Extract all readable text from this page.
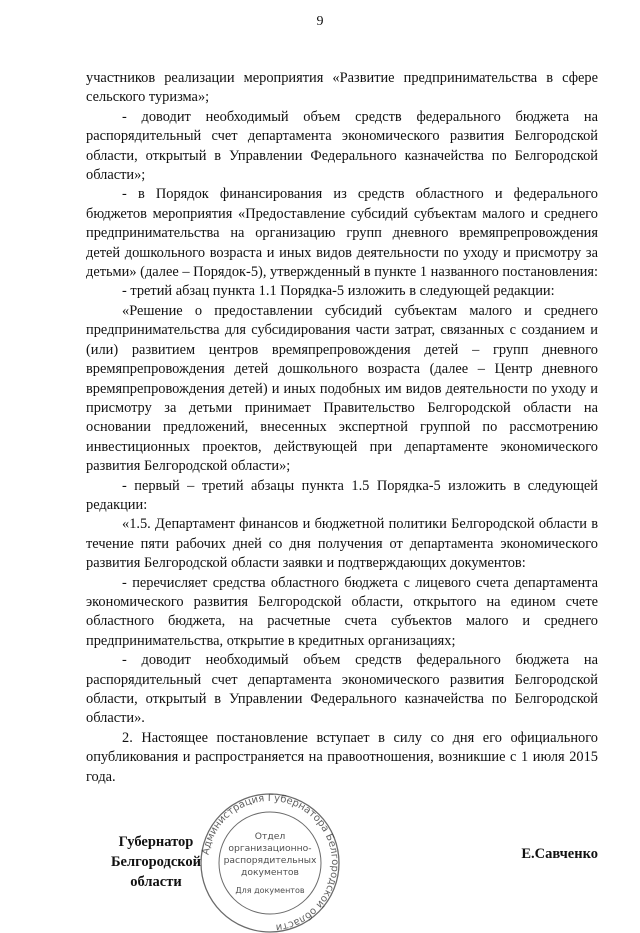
9

участников реализации мероприятия «Развитие предпринимательства в сфере сельского туризма»;

- доводит необходимый объем средств федерального бюджета на распорядительный счет департамента экономического развития Белгородской области, открытый в Управлении Федерального казначейства по Белгородской области»;

- в Порядок финансирования из средств областного и федерального бюджетов мероприятия «Предоставление субсидий субъектам малого и среднего предпринимательства на организацию групп дневного времяпрепровождения детей дошкольного возраста и иных видов деятельности по уходу и присмотру за детьми» (далее – Порядок-5), утвержденный в пункте 1 названного постановления:

- третий абзац пункта 1.1 Порядка-5 изложить в следующей редакции:

«Решение о предоставлении субсидий субъектам малого и среднего предпринимательства для субсидирования части затрат, связанных с созданием и (или) развитием центров времяпрепровождения детей – групп дневного времяпрепровождения детей дошкольного возраста (далее – Центр дневного времяпрепровождения детей) и иных подобных им видов деятельности по уходу и присмотру за детьми принимает Правительство Белгородской области на основании предложений, внесенных экспертной группой по рассмотрению инвестиционных проектов, действующей при департаменте экономического развития Белгородской области»;

- первый – третий абзацы пункта 1.5 Порядка-5 изложить в следующей редакции:

«1.5. Департамент финансов и бюджетной политики Белгородской области в течение пяти рабочих дней со дня получения от департамента экономического развития Белгородской области заявки и подтверждающих документов:

- перечисляет средства областного бюджета с лицевого счета департамента экономического развития Белгородской области, открытого на едином счете областного бюджета, на расчетные счета субъектов малого и среднего предпринимательства, открытие в кредитных организациях;

- доводит необходимый объем средств федерального бюджета на распорядительный счет департамента экономического развития Белгородской области, открытый в Управлении Федерального казначейства по Белгородской области».

2. Настоящее постановление вступает в силу со дня его официального опубликования и распространяется на правоотношения, возникшие с 1 июля 2015 года.

Администрация Губернатора Белгородской области
Отдел
организационно-
распорядительных
документов
Для документов
Губернатор
Белгородской области
Е.Савченко
